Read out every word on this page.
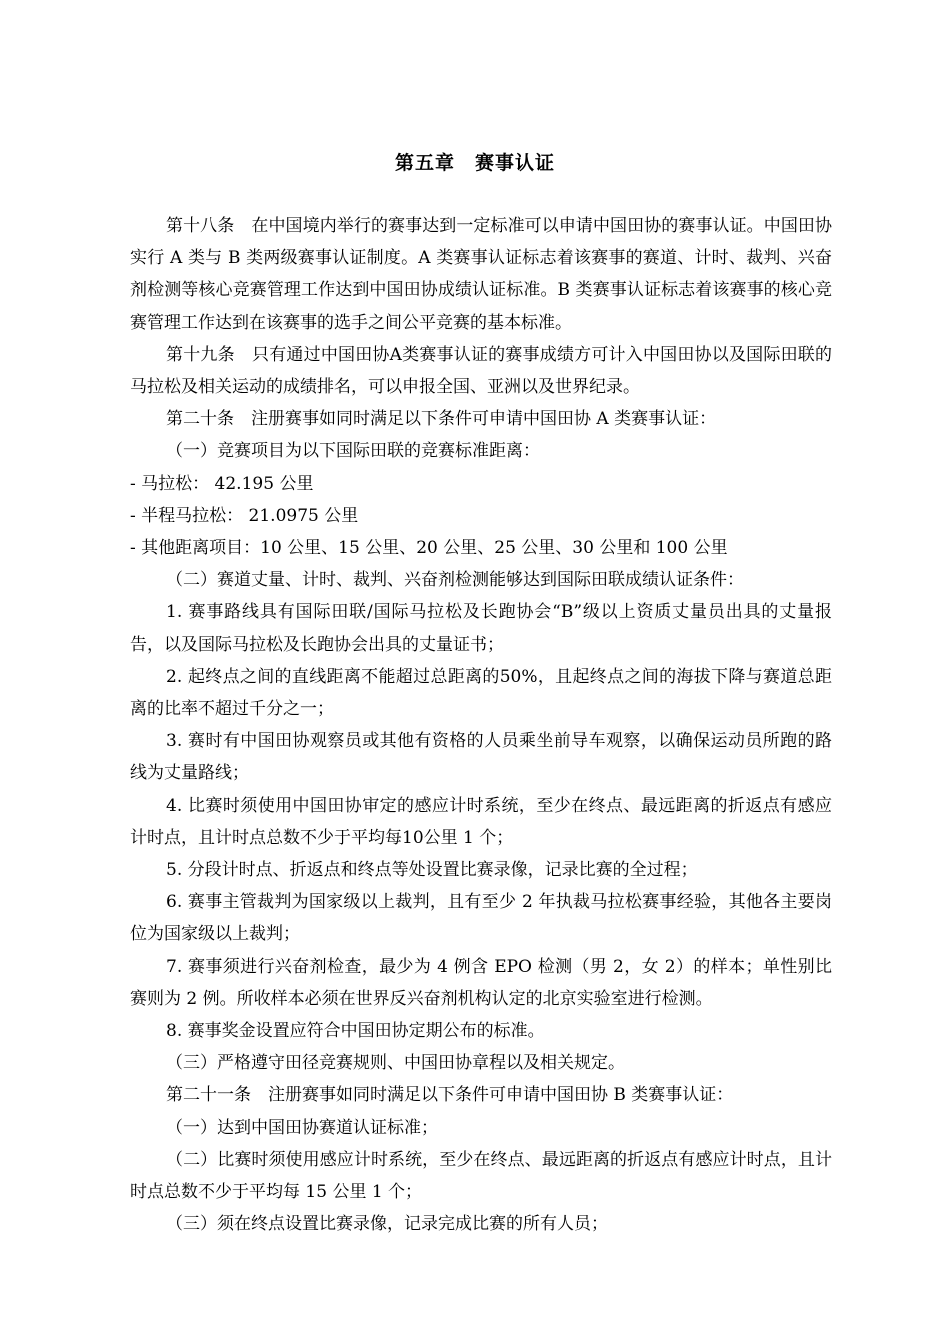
第五章　赛事认证

第十八条　在中国境内举行的赛事达到一定标准可以申请中国田协的赛事认证。中国田协实行 A 类与 B 类两级赛事认证制度。A 类赛事认证标志着该赛事的赛道、计时、裁判、兴奋剂检测等核心竞赛管理工作达到中国田协成绩认证标准。B 类赛事认证标志着该赛事的核心竞赛管理工作达到在该赛事的选手之间公平竞赛的基本标准。

第十九条　只有通过中国田协A类赛事认证的赛事成绩方可计入中国田协以及国际田联的马拉松及相关运动的成绩排名，可以申报全国、亚洲以及世界纪录。

第二十条　注册赛事如同时满足以下条件可申请中国田协 A 类赛事认证：

（一）竞赛项目为以下国际田联的竞赛标准距离：

- 马拉松： 42.195 公里

- 半程马拉松： 21.0975 公里

- 其他距离项目：10 公里、15 公里、20 公里、25 公里、30 公里和 100 公里

（二）赛道丈量、计时、裁判、兴奋剂检测能够达到国际田联成绩认证条件：

1. 赛事路线具有国际田联/国际马拉松及长跑协会“B”级以上资质丈量员出具的丈量报告，以及国际马拉松及长跑协会出具的丈量证书；

2. 起终点之间的直线距离不能超过总距离的50%，且起终点之间的海拔下降与赛道总距离的比率不超过千分之一；

3. 赛时有中国田协观察员或其他有资格的人员乘坐前导车观察，以确保运动员所跑的路线为丈量路线；

4. 比赛时须使用中国田协审定的感应计时系统，至少在终点、最远距离的折返点有感应计时点，且计时点总数不少于平均每10公里 1 个；

5. 分段计时点、折返点和终点等处设置比赛录像，记录比赛的全过程；

6. 赛事主管裁判为国家级以上裁判，且有至少 2 年执裁马拉松赛事经验，其他各主要岗位为国家级以上裁判；

7. 赛事须进行兴奋剂检查，最少为 4 例含 EPO 检测（男 2，女 2）的样本；单性别比赛则为 2 例。所收样本必须在世界反兴奋剂机构认定的北京实验室进行检测。

8. 赛事奖金设置应符合中国田协定期公布的标准。

（三）严格遵守田径竞赛规则、中国田协章程以及相关规定。

第二十一条　注册赛事如同时满足以下条件可申请中国田协 B 类赛事认证：

（一）达到中国田协赛道认证标准；

（二）比赛时须使用感应计时系统，至少在终点、最远距离的折返点有感应计时点，且计时点总数不少于平均每 15 公里 1 个；

（三）须在终点设置比赛录像，记录完成比赛的所有人员；
